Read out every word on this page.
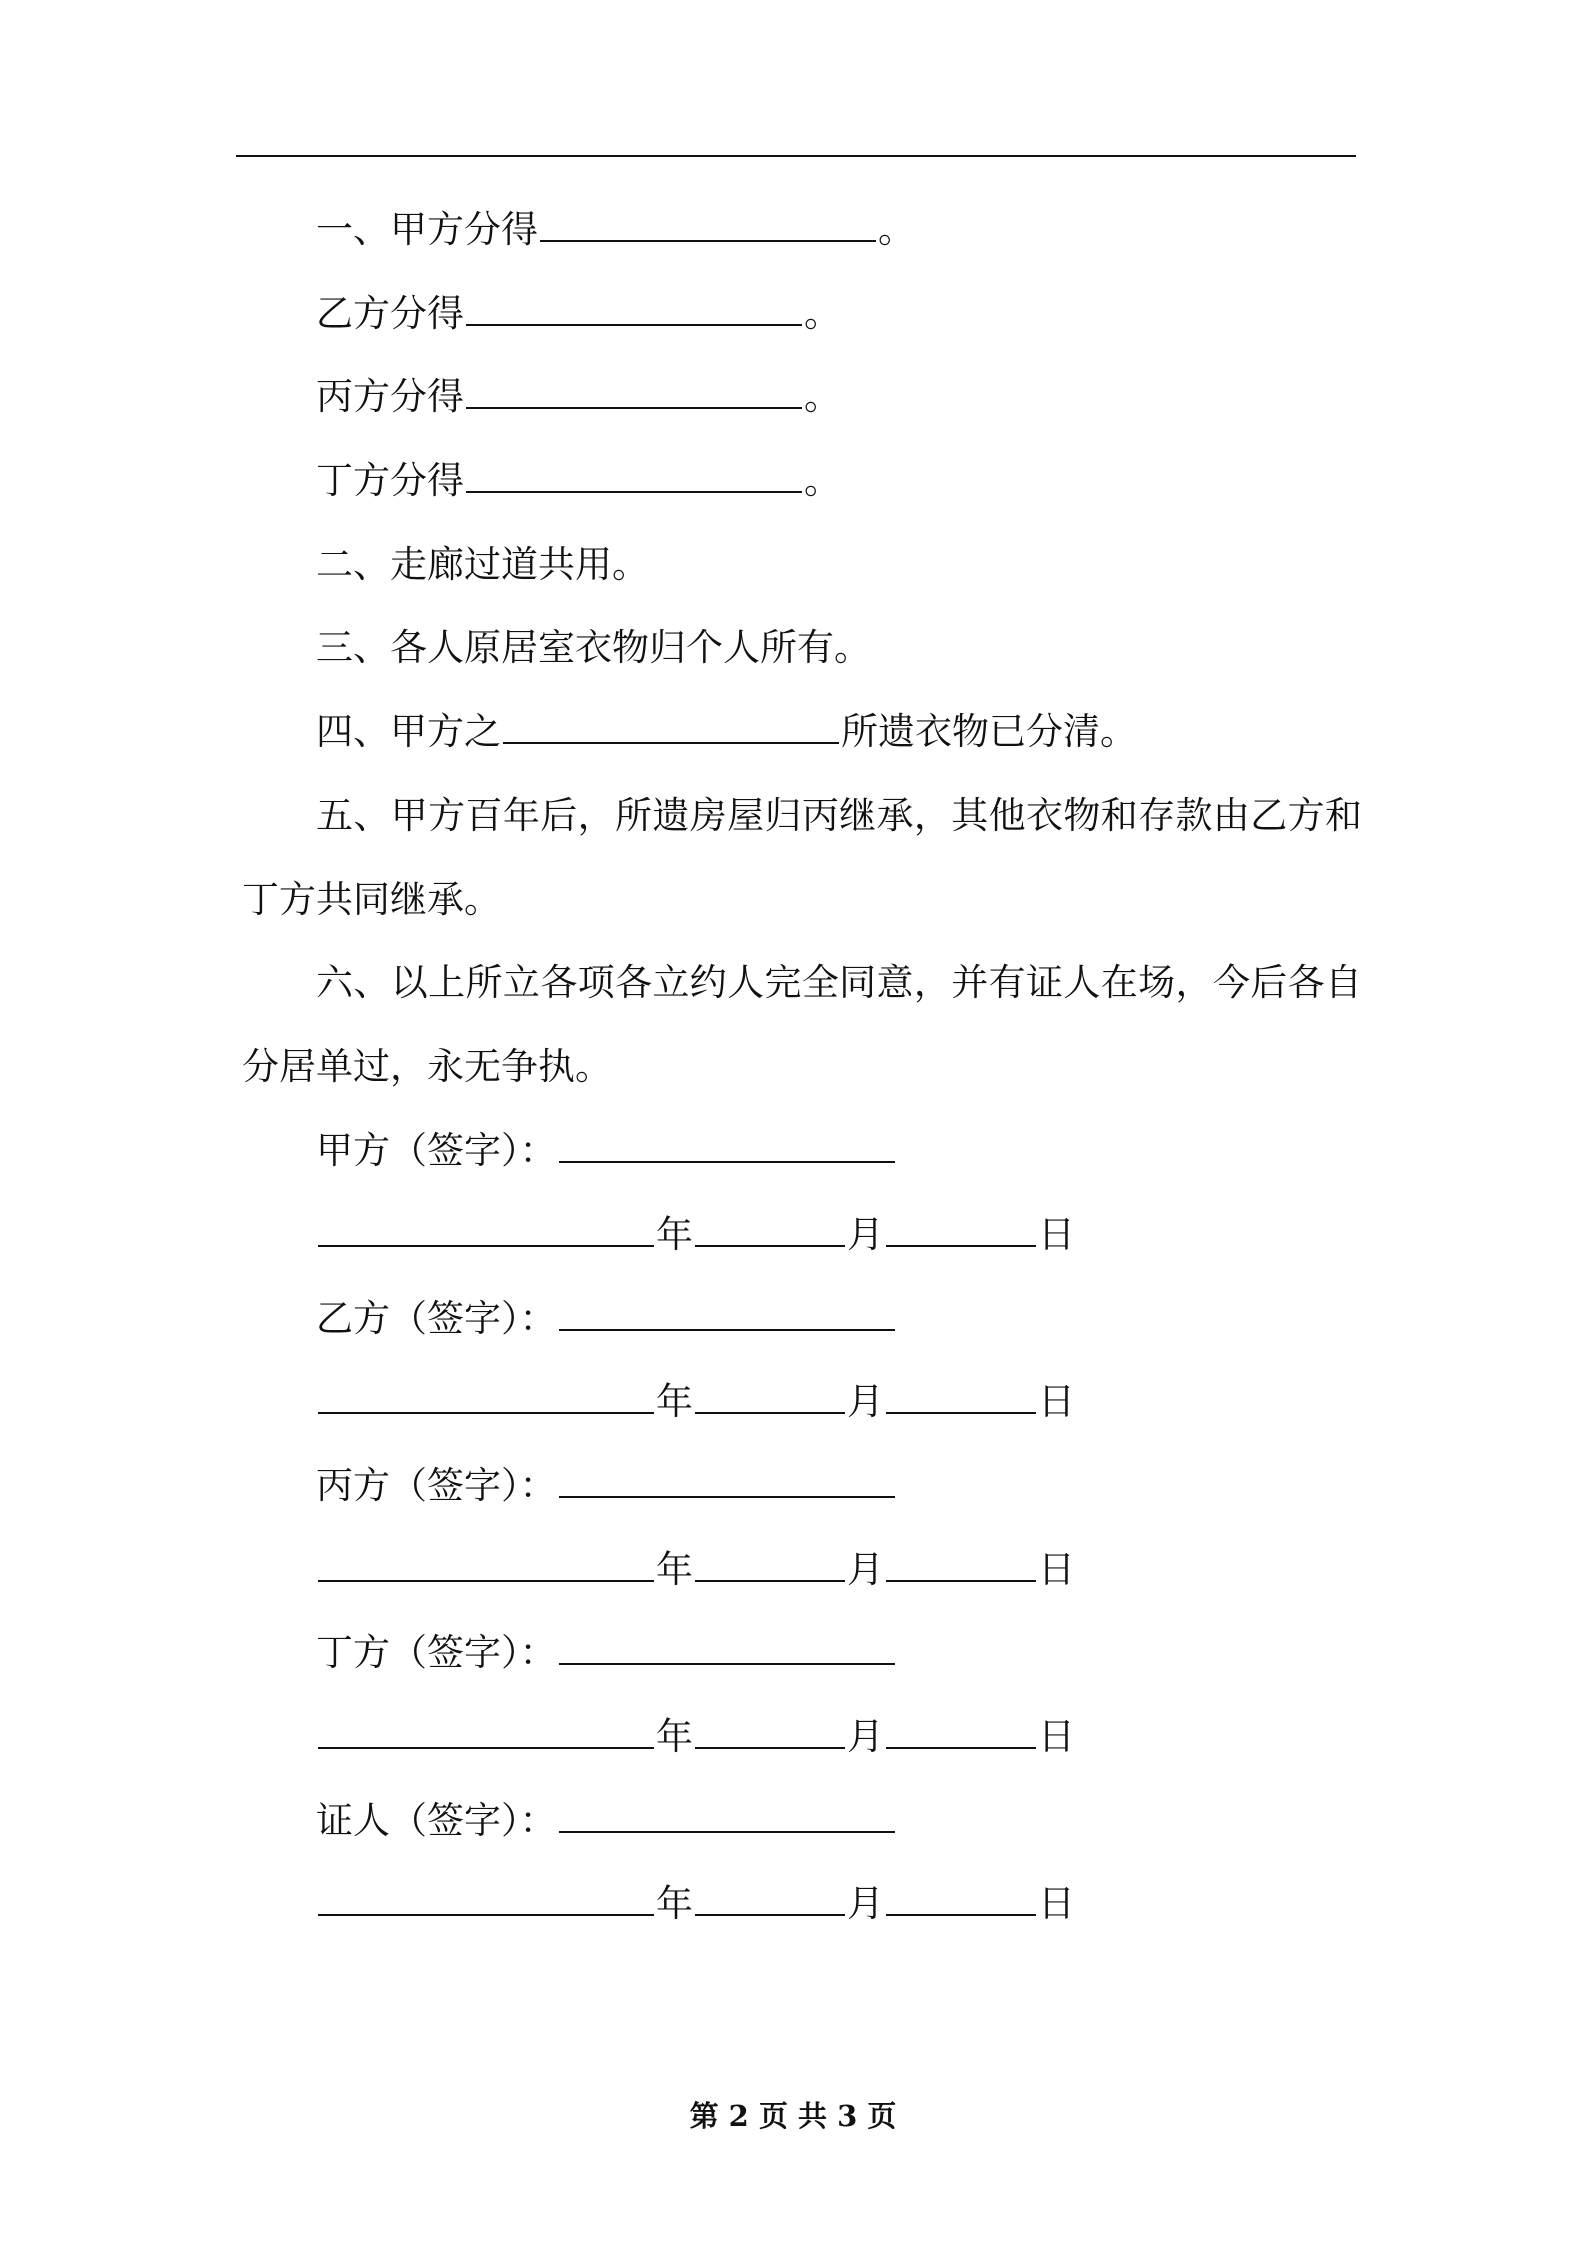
一、甲方分得	。
乙方分得	。
丙方分得	。
丁方分得	。
二、走廊过道共用。
三、各人原居室衣物归个人所有。
四、甲方之	所遗衣物已分清。
五、甲方百年后，所遗房屋归丙继承，其他衣物和存款由乙方和丁方共同继承。
六、以上所立各项各立约人完全同意，并有证人在场，今后各自分居单过，永无争执。
甲方（签字）：
年	月	日
乙方（签字）：
年	月	日
丙方（签字）：
年	月	日
丁方（签字）：
年	月	日
证人（签字）：
年	月	日
第 2 页 共 3 页
